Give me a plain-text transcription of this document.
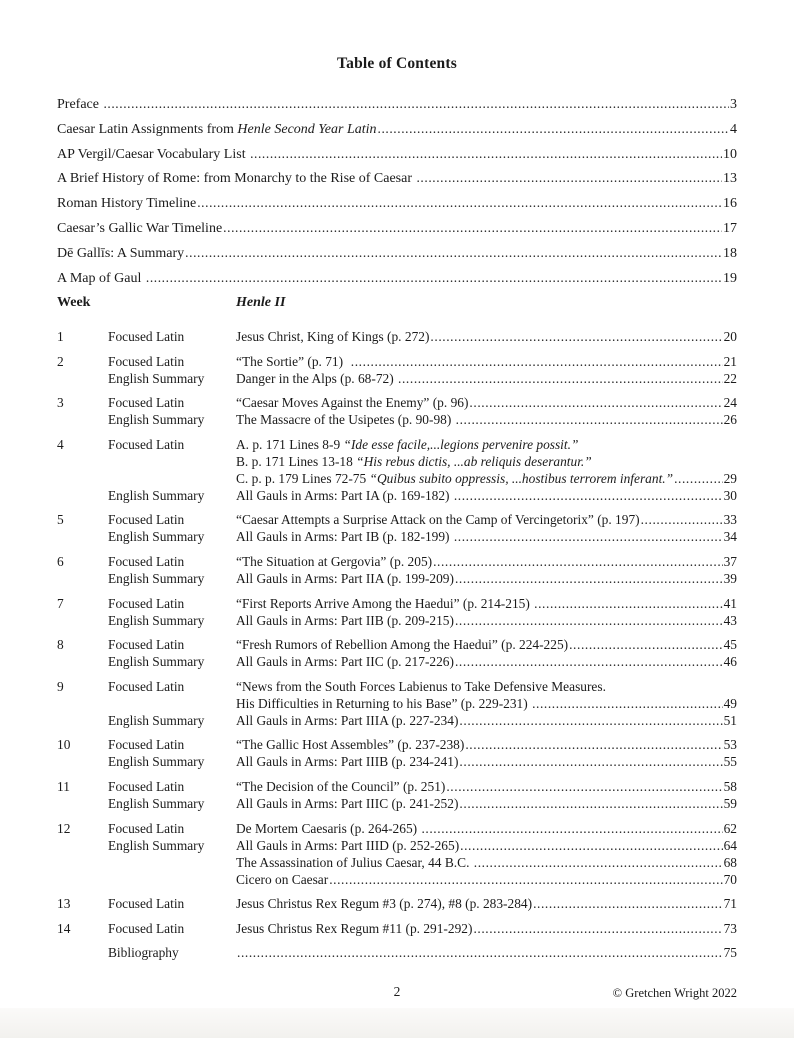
Table of Contents
Preface .....	3
Caesar Latin Assignments from Henle Second Year Latin .....	4
AP Vergil/Caesar Vocabulary List .....	10
A Brief History of Rome: from Monarchy to the Rise of Caesar .....	13
Roman History Timeline .....	16
Caesar’s Gallic War Timeline .....	17
Dē Gallīs: A Summary .....	18
A Map of Gaul .....	19
Week	Henle II
1	Focused Latin	Jesus Christ, King of Kings (p. 272) .....	20
2	Focused Latin	“The Sortie” (p. 71) .....	21
English Summary	Danger in the Alps (p. 68-72) .....	22
3	Focused Latin	“Caesar Moves Against the Enemy” (p. 96) .....	24
English Summary	The Massacre of the Usipetes (p. 90-98) .....	26
4	Focused Latin	A. p. 171 Lines 8-9 “Ide esse facile,...legions pervenire possit.”
B. p. 171 Lines 13-18 “His rebus dictis, ...ab reliquis deserantur.”
C. p. p. 179 Lines 72-75 “Quibus subito oppressis, ...hostibus terrorem inferant.” .....	29
English Summary	All Gauls in Arms: Part IA (p. 169-182) .....	30
5	Focused Latin	“Caesar Attempts a Surprise Attack on the Camp of Vercingetorix” (p. 197) .....	33
English Summary	All Gauls in Arms: Part IB (p. 182-199) .....	34
6	Focused Latin	“The Situation at Gergovia” (p. 205) .....	37
English Summary	All Gauls in Arms: Part IIA (p. 199-209) .....	39
7	Focused Latin	“First Reports Arrive Among the Haedui” (p. 214-215) .....	41
English Summary	All Gauls in Arms: Part IIB (p. 209-215) .....	43
8	Focused Latin	“Fresh Rumors of Rebellion Among the Haedui” (p. 224-225) .....	45
English Summary	All Gauls in Arms: Part IIC (p. 217-226) .....	46
9	Focused Latin	“News from the South Forces Labienus to Take Defensive Measures.
His Difficulties in Returning to his Base” (p. 229-231) .....	49
English Summary	All Gauls in Arms: Part IIIA (p. 227-234) .....	51
10	Focused Latin	“The Gallic Host Assembles” (p. 237-238) .....	53
English Summary	All Gauls in Arms: Part IIIB (p. 234-241) .....	55
11	Focused Latin	“The Decision of the Council” (p. 251) .....	58
English Summary	All Gauls in Arms: Part IIIC (p. 241-252) .....	59
12	Focused Latin	De Mortem Caesaris (p. 264-265) .....	62
English Summary	All Gauls in Arms: Part IIID (p. 252-265) .....	64
The Assassination of Julius Caesar, 44 B.C. .....	68
Cicero on Caesar .....	70
13	Focused Latin	Jesus Christus Rex Regum #3 (p. 274), #8 (p. 283-284) .....	71
14	Focused Latin	Jesus Christus Rex Regum #11 (p. 291-292) .....	73
Bibliography .....	75
2	© Gretchen Wright 2022
